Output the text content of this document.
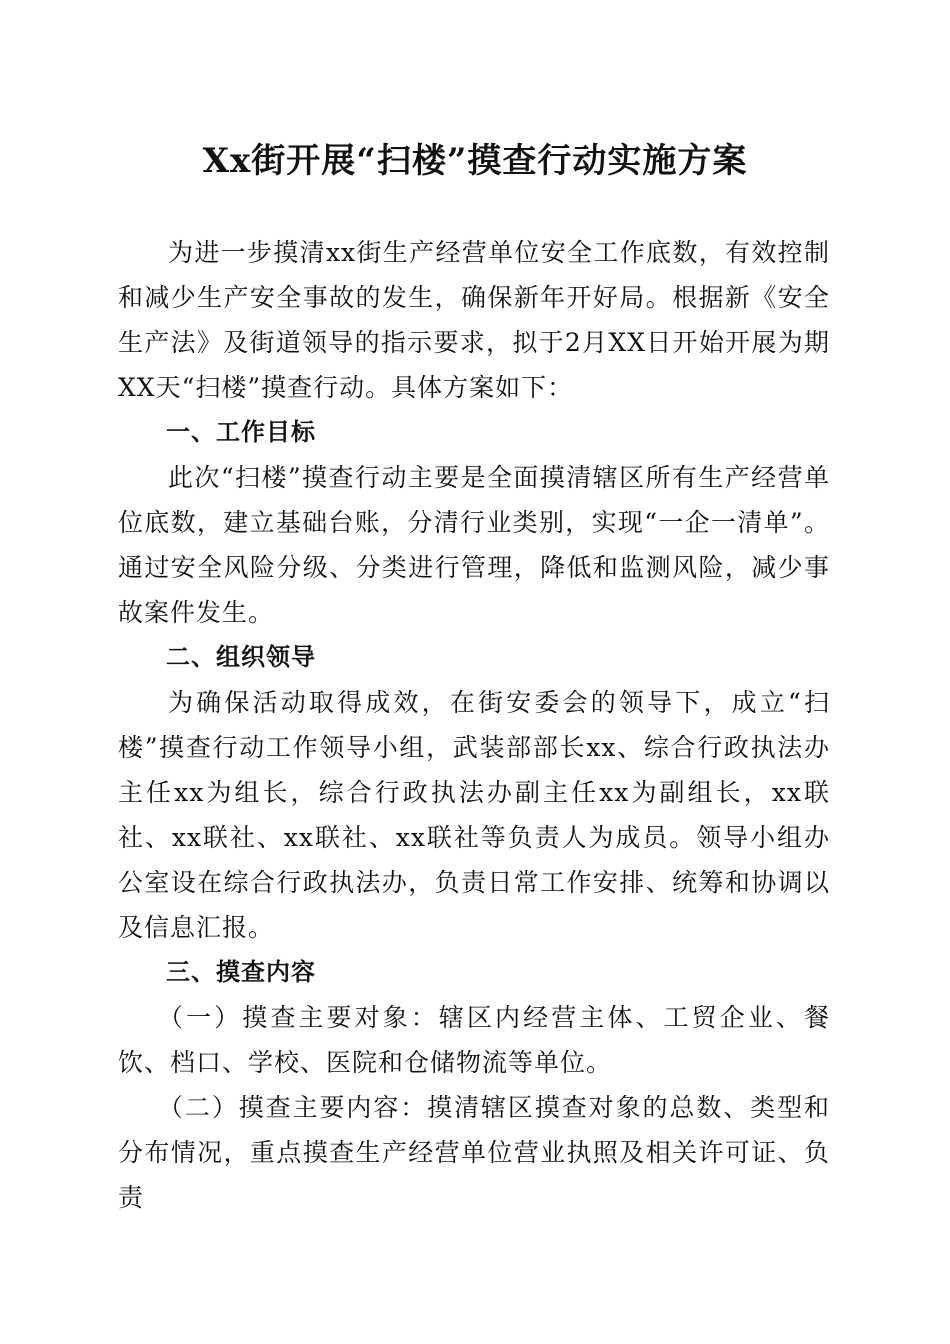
Xx街开展“扫楼”摸查行动实施方案

为进一步摸清xx街生产经营单位安全工作底数，有效控制和减少生产安全事故的发生，确保新年开好局。根据新《安全生产法》及街道领导的指示要求，拟于2月XX日开始开展为期XX天“扫楼”摸查行动。具体方案如下：

一、工作目标

此次“扫楼”摸查行动主要是全面摸清辖区所有生产经营单位底数，建立基础台账，分清行业类别，实现“一企一清单”。通过安全风险分级、分类进行管理，降低和监测风险，减少事故案件发生。

二、组织领导

为确保活动取得成效，在街安委会的领导下，成立“扫楼”摸查行动工作领导小组，武装部部长xx、综合行政执法办主任xx为组长，综合行政执法办副主任xx为副组长，xx联社、xx联社、xx联社、xx联社等负责人为成员。领导小组办公室设在综合行政执法办，负责日常工作安排、统筹和协调以及信息汇报。

三、摸查内容

（一）摸查主要对象：辖区内经营主体、工贸企业、餐饮、档口、学校、医院和仓储物流等单位。

（二）摸查主要内容：摸清辖区摸查对象的总数、类型和分布情况，重点摸查生产经营单位营业执照及相关许可证、负责
